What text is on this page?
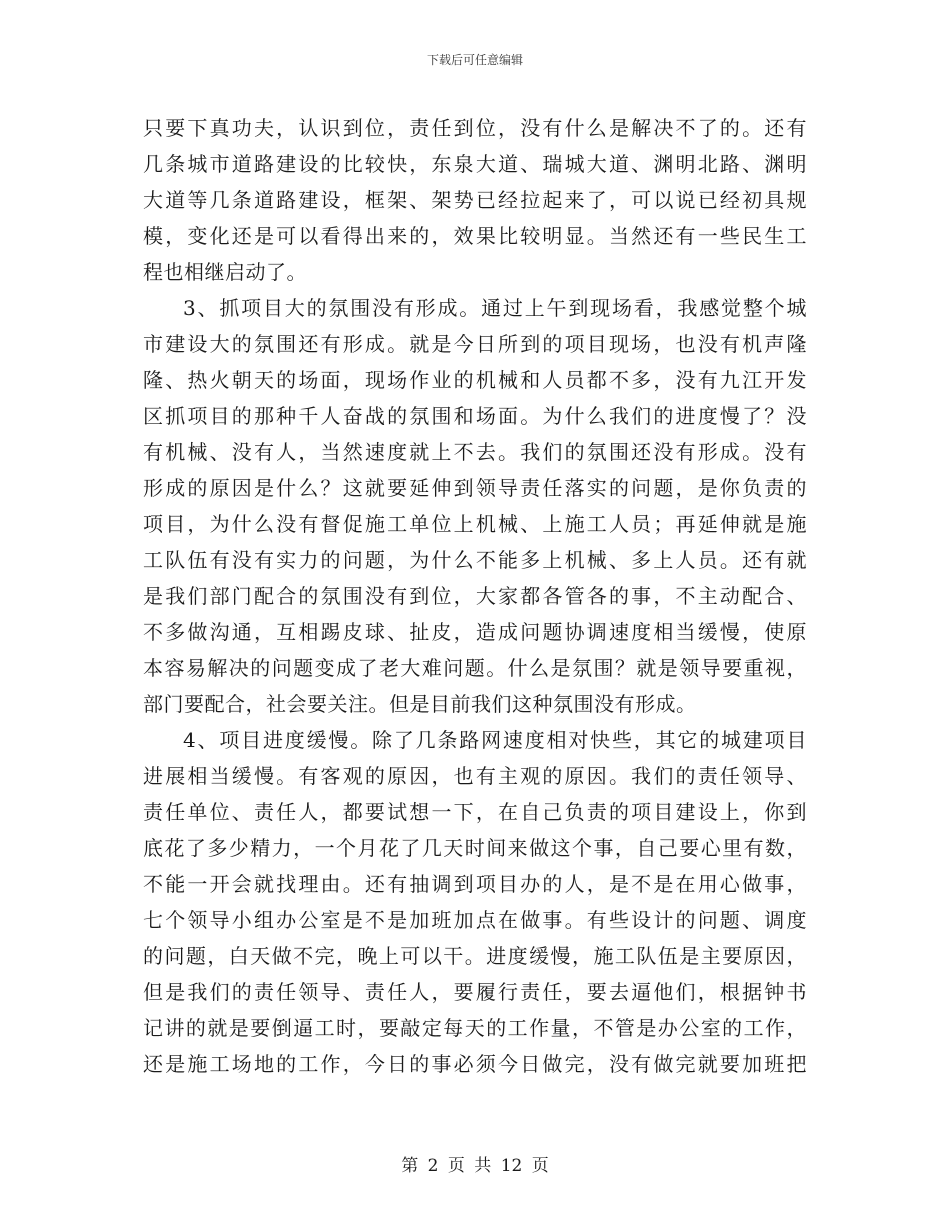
下载后可任意编辑

只要下真功夫，认识到位，责任到位，没有什么是解决不了的。还有
几条城市道路建设的比较快，东泉大道、瑞城大道、渊明北路、渊明
大道等几条道路建设，框架、架势已经拉起来了，可以说已经初具规
模，变化还是可以看得出来的，效果比较明显。当然还有一些民生工
程也相继启动了。

3、抓项目大的氛围没有形成。通过上午到现场看，我感觉整个城
市建设大的氛围还有形成。就是今日所到的项目现场，也没有机声隆
隆、热火朝天的场面，现场作业的机械和人员都不多，没有九江开发
区抓项目的那种千人奋战的氛围和场面。为什么我们的进度慢了？没
有机械、没有人，当然速度就上不去。我们的氛围还没有形成。没有
形成的原因是什么？这就要延伸到领导责任落实的问题，是你负责的
项目，为什么没有督促施工单位上机械、上施工人员；再延伸就是施
工队伍有没有实力的问题，为什么不能多上机械、多上人员。还有就
是我们部门配合的氛围没有到位，大家都各管各的事，不主动配合、
不多做沟通，互相踢皮球、扯皮，造成问题协调速度相当缓慢，使原
本容易解决的问题变成了老大难问题。什么是氛围？就是领导要重视，
部门要配合，社会要关注。但是目前我们这种氛围没有形成。

4、项目进度缓慢。除了几条路网速度相对快些，其它的城建项目
进展相当缓慢。有客观的原因，也有主观的原因。我们的责任领导、
责任单位、责任人，都要试想一下，在自己负责的项目建设上，你到
底花了多少精力，一个月花了几天时间来做这个事，自己要心里有数，
不能一开会就找理由。还有抽调到项目办的人，是不是在用心做事，
七个领导小组办公室是不是加班加点在做事。有些设计的问题、调度
的问题，白天做不完，晚上可以干。进度缓慢，施工队伍是主要原因，
但是我们的责任领导、责任人，要履行责任，要去逼他们，根据钟书
记讲的就是要倒逼工时，要敲定每天的工作量，不管是办公室的工作，
还是施工场地的工作，今日的事必须今日做完，没有做完就要加班把

第 2 页 共 12 页
